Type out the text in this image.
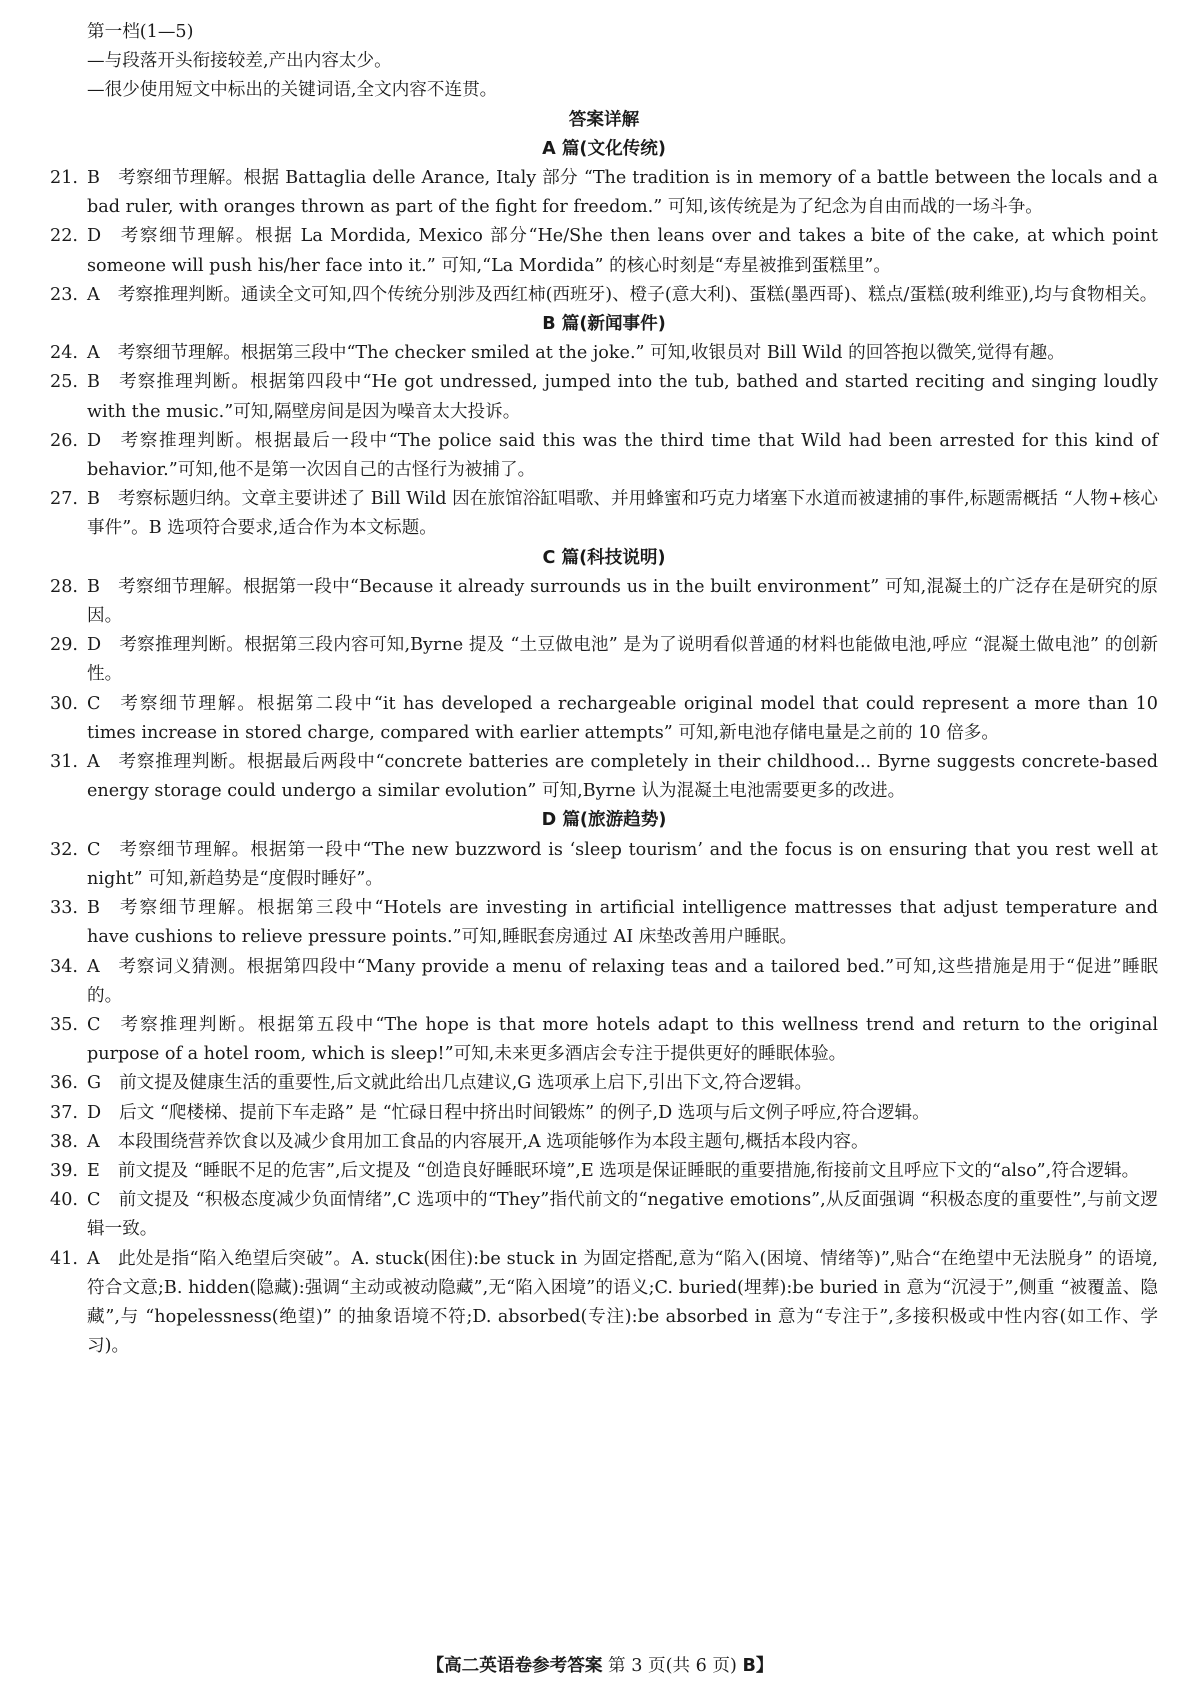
第一档(1—5)

—与段落开头衔接较差,产出内容太少。

—很少使用短文中标出的关键词语,全文内容不连贯。

答案详解

A 篇(文化传统)

21. B 考察细节理解。根据 Battaglia delle Arance, Italy 部分 “The tradition is in memory of a battle between the locals and a bad ruler, with oranges thrown as part of the fight for freedom.” 可知,该传统是为了纪念为自由而战的一场斗争。
22. D 考察细节理解。根据 La Mordida, Mexico 部分“He/She then leans over and takes a bite of the cake, at which point someone will push his/her face into it.” 可知,“La Mordida” 的核心时刻是“寿星被推到蛋糕里”。
23. A 考察推理判断。通读全文可知,四个传统分别涉及西红柿(西班牙)、橙子(意大利)、蛋糕(墨西哥)、糕点/蛋糕(玻利维亚),均与食物相关。

B 篇(新闻事件)

24. A 考察细节理解。根据第三段中“The checker smiled at the joke.” 可知,收银员对 Bill Wild 的回答抱以微笑,觉得有趣。
25. B 考察推理判断。根据第四段中“He got undressed, jumped into the tub, bathed and started reciting and singing loudly with the music.”可知,隔壁房间是因为噪音太大投诉。
26. D 考察推理判断。根据最后一段中“The police said this was the third time that Wild had been arrested for this kind of behavior.”可知,他不是第一次因自己的古怪行为被捕了。
27. B 考察标题归纳。文章主要讲述了 Bill Wild 因在旅馆浴缸唱歌、并用蜂蜜和巧克力堵塞下水道而被逮捕的事件,标题需概括 “人物+核心事件”。B 选项符合要求,适合作为本文标题。

C 篇(科技说明)

28. B 考察细节理解。根据第一段中“Because it already surrounds us in the built environment” 可知,混凝土的广泛存在是研究的原因。
29. D 考察推理判断。根据第三段内容可知,Byrne 提及 “土豆做电池” 是为了说明看似普通的材料也能做电池,呼应 “混凝土做电池” 的创新性。
30. C 考察细节理解。根据第二段中“it has developed a rechargeable original model that could represent a more than 10 times increase in stored charge, compared with earlier attempts” 可知,新电池存储电量是之前的 10 倍多。
31. A 考察推理判断。根据最后两段中“concrete batteries are completely in their childhood... Byrne suggests concrete-based energy storage could undergo a similar evolution” 可知,Byrne 认为混凝土电池需要更多的改进。

D 篇(旅游趋势)

32. C 考察细节理解。根据第一段中“The new buzzword is ‘sleep tourism’ and the focus is on ensuring that you rest well at night” 可知,新趋势是“度假时睡好”。
33. B 考察细节理解。根据第三段中“Hotels are investing in artificial intelligence mattresses that adjust temperature and have cushions to relieve pressure points.”可知,睡眠套房通过 AI 床垫改善用户睡眠。
34. A 考察词义猜测。根据第四段中“Many provide a menu of relaxing teas and a tailored bed.”可知,这些措施是用于“促进”睡眠的。
35. C 考察推理判断。根据第五段中“The hope is that more hotels adapt to this wellness trend and return to the original purpose of a hotel room, which is sleep!”可知,未来更多酒店会专注于提供更好的睡眠体验。
36. G 前文提及健康生活的重要性,后文就此给出几点建议,G 选项承上启下,引出下文,符合逻辑。
37. D 后文 “爬楼梯、提前下车走路” 是 “忙碌日程中挤出时间锻炼” 的例子,D 选项与后文例子呼应,符合逻辑。
38. A 本段围绕营养饮食以及减少食用加工食品的内容展开,A 选项能够作为本段主题句,概括本段内容。
39. E 前文提及 “睡眠不足的危害”,后文提及 “创造良好睡眠环境”,E 选项是保证睡眠的重要措施,衔接前文且呼应下文的“also”,符合逻辑。
40. C 前文提及 “积极态度减少负面情绪”,C 选项中的“They”指代前文的“negative emotions”,从反面强调 “积极态度的重要性”,与前文逻辑一致。
41. A 此处是指“陷入绝望后突破”。A. stuck(困住):be stuck in 为固定搭配,意为“陷入(困境、情绪等)”,贴合“在绝望中无法脱身” 的语境,符合文意;B. hidden(隐藏):强调“主动或被动隐藏”,无“陷入困境”的语义;C. buried(埋葬):be buried in 意为“沉浸于”,侧重 “被覆盖、隐藏”,与 “hopelessness(绝望)” 的抽象语境不符;D. absorbed(专注):be absorbed in 意为“专注于”,多接积极或中性内容(如工作、学习)。
【高二英语卷参考答案 第 3 页(共 6 页) B】
